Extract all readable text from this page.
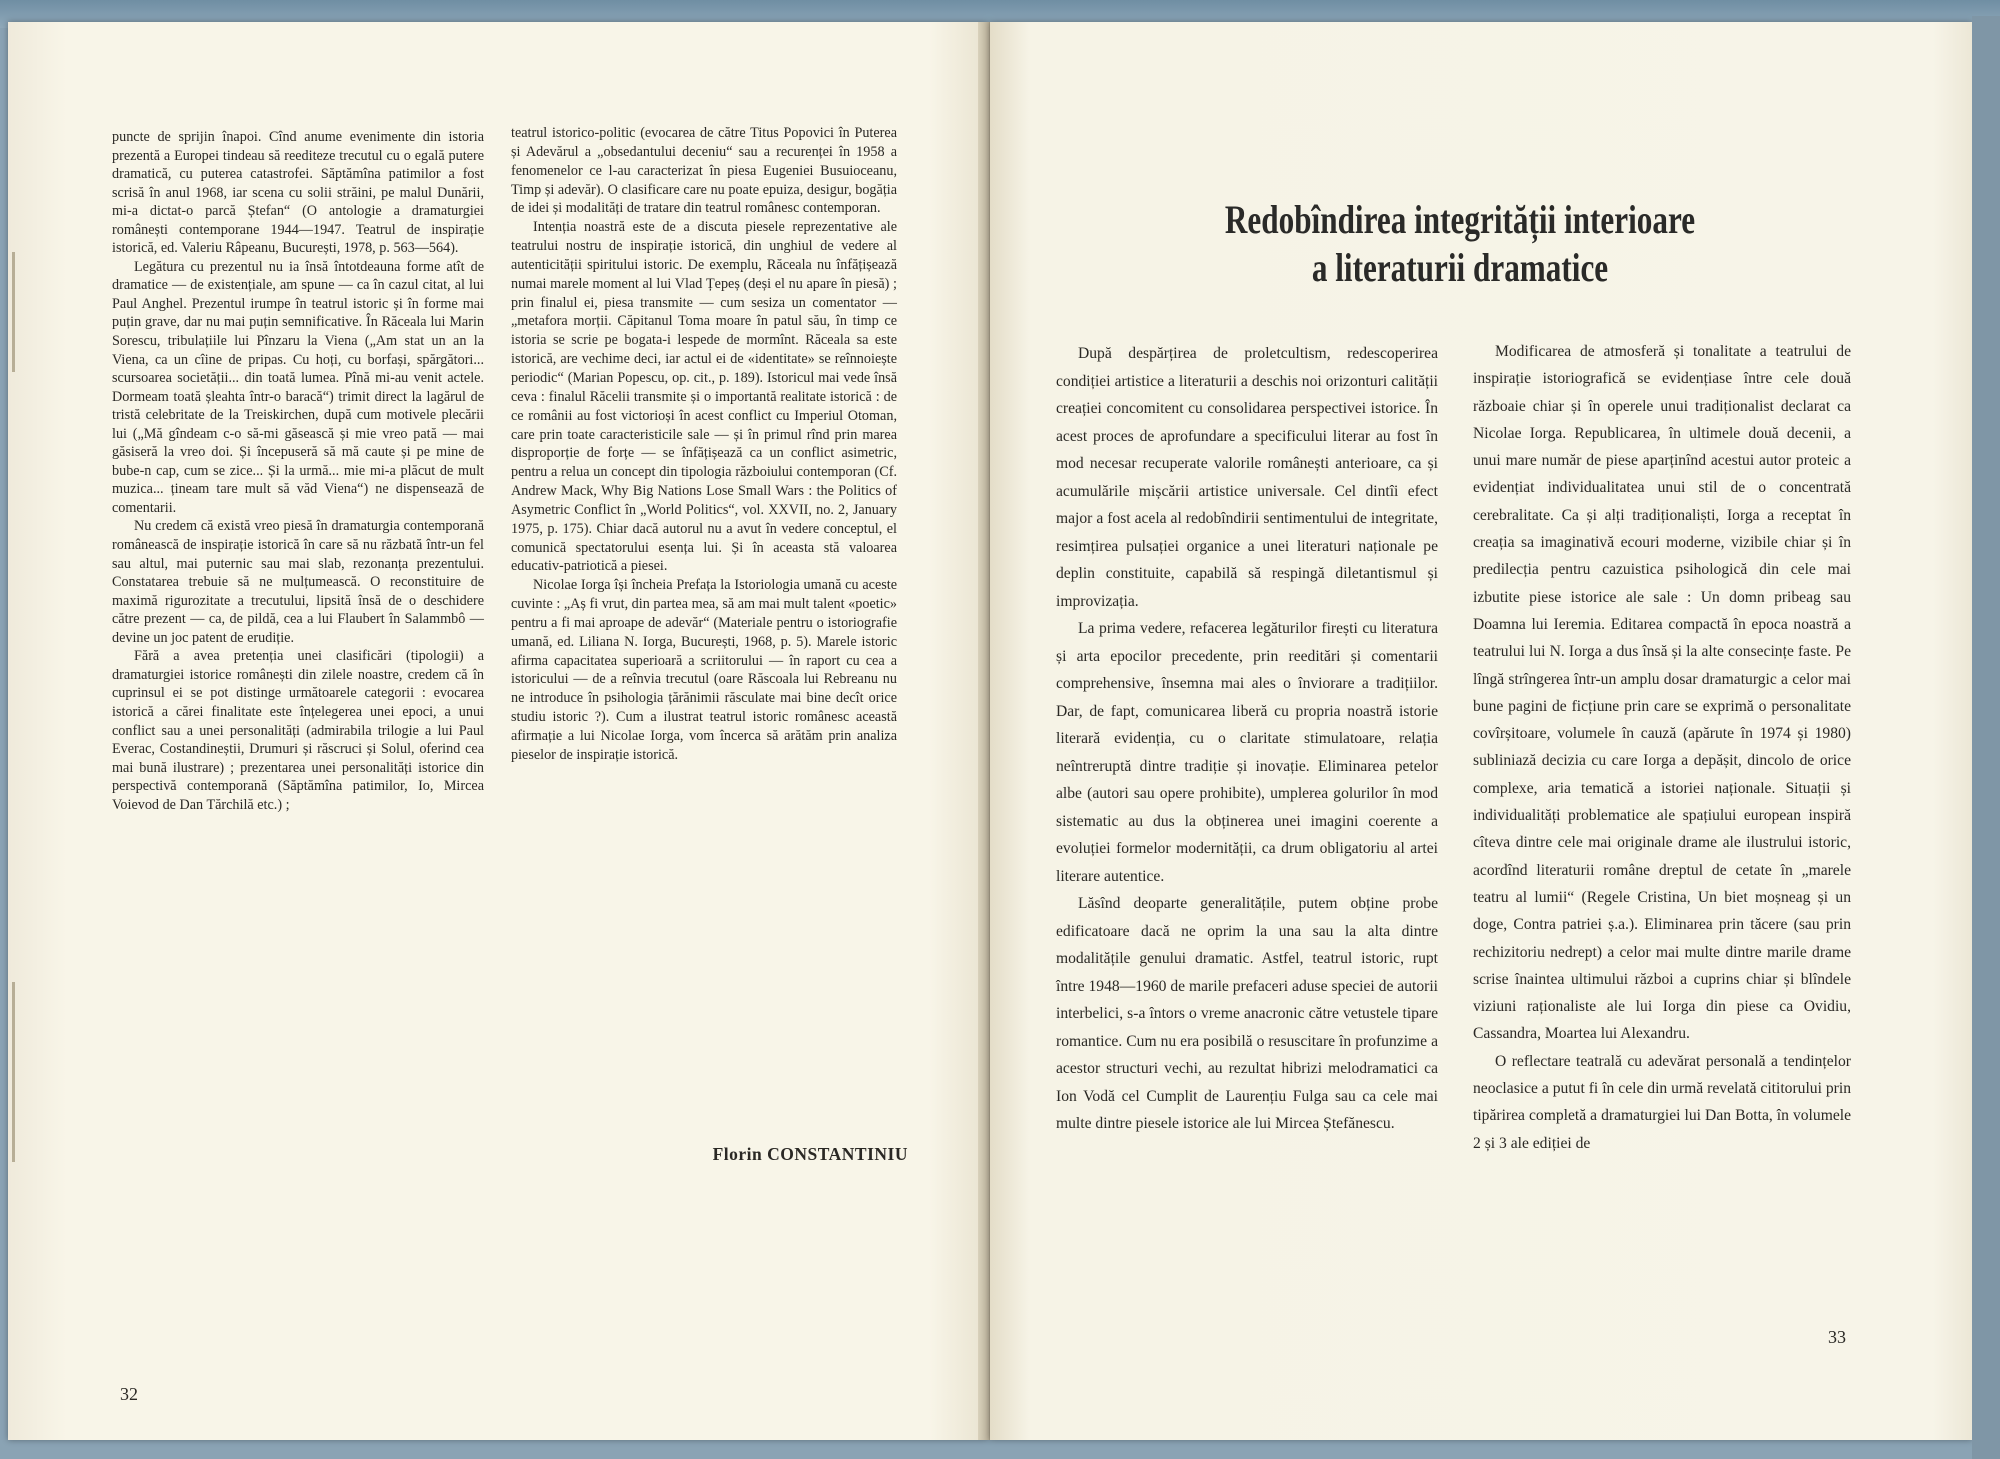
puncte de sprijin înapoi. Cînd anume evenimente din istoria prezentă a Europei tindeau să reediteze trecutul cu o egală putere dramatică, cu puterea catastrofei. Săptămîna patimilor a fost scrisă în anul 1968, iar scena cu solii străini, pe malul Dunării, mi-a dictat-o parcă Ștefan“ (O antologie a dramaturgiei românești contemporane 1944—1947. Teatrul de inspirație istorică, ed. Valeriu Râpeanu, București, 1978, p. 563—564).

Legătura cu prezentul nu ia însă întotdeauna forme atît de dramatice — de existențiale, am spune — ca în cazul citat, al lui Paul Anghel. Prezentul irumpe în teatrul istoric și în forme mai puțin grave, dar nu mai puțin semnificative. În Răceala lui Marin Sorescu, tribulațiile lui Pînzaru la Viena („Am stat un an la Viena, ca un cîine de pripas. Cu hoți, cu borfași, spărgători... scursoarea societății... din toată lumea. Pînă mi-au venit actele. Dormeam toată șleahta într-o baracă“) trimit direct la lagărul de tristă celebritate de la Treiskirchen, după cum motivele plecării lui („Mă gîndeam c-o să-mi găsească și mie vreo pată — mai găsiseră la vreo doi. Și începuseră să mă caute și pe mine de bube-n cap, cum se zice... Și la urmă... mie mi-a plăcut de mult muzica... țineam tare mult să văd Viena“) ne dispensează de comentarii.

Nu credem că există vreo piesă în dramaturgia contemporană românească de inspirație istorică în care să nu răzbată într-un fel sau altul, mai puternic sau mai slab, rezonanța prezentului. Constatarea trebuie să ne mulțumească. O reconstituire de maximă rigurozitate a trecutului, lipsită însă de o deschidere către prezent — ca, de pildă, cea a lui Flaubert în Salammbô — devine un joc patent de erudiție.

Fără a avea pretenția unei clasificări (tipologii) a dramaturgiei istorice românești din zilele noastre, credem că în cuprinsul ei se pot distinge următoarele categorii : evocarea istorică a cărei finalitate este înțelegerea unei epoci, a unui conflict sau a unei personalități (admirabila trilogie a lui Paul Everac, Costandineștii, Drumuri și răscruci și Solul, oferind cea mai bună ilustrare) ; prezentarea unei personalități istorice din perspectivă contemporană (Săptămîna patimilor, Io, Mircea Voievod de Dan Tărchilă etc.) ;

teatrul istorico-politic (evocarea de către Titus Popovici în Puterea și Adevărul a „obsedantului deceniu“ sau a recurenței în 1958 a fenomenelor ce l-au caracterizat în piesa Eugeniei Busuioceanu, Timp și adevăr). O clasificare care nu poate epuiza, desigur, bogăția de idei și modalități de tratare din teatrul românesc contemporan.

Intenția noastră este de a discuta piesele reprezentative ale teatrului nostru de inspirație istorică, din unghiul de vedere al autenticității spiritului istoric. De exemplu, Răceala nu înfățișează numai marele moment al lui Vlad Țepeș (deși el nu apare în piesă) ; prin finalul ei, piesa transmite — cum sesiza un comentator — „metafora morții. Căpitanul Toma moare în patul său, în timp ce istoria se scrie pe bogata-i lespede de mormînt. Răceala sa este istorică, are vechime deci, iar actul ei de «identitate» se reînnoiește periodic“ (Marian Popescu, op. cit., p. 189). Istoricul mai vede însă ceva : finalul Răcelii transmite și o importantă realitate istorică : de ce românii au fost victorioși în acest conflict cu Imperiul Otoman, care prin toate caracteristicile sale — și în primul rînd prin marea disproporție de forțe — se înfățișează ca un conflict asimetric, pentru a relua un concept din tipologia războiului contemporan (Cf. Andrew Mack, Why Big Nations Lose Small Wars : the Politics of Asymetric Conflict în „World Politics“, vol. XXVII, no. 2, January 1975, p. 175). Chiar dacă autorul nu a avut în vedere conceptul, el comunică spectatorului esența lui. Și în aceasta stă valoarea educativ-patriotică a piesei.

Nicolae Iorga își încheia Prefața la Istoriologia umană cu aceste cuvinte : „Aș fi vrut, din partea mea, să am mai mult talent «poetic» pentru a fi mai aproape de adevăr“ (Materiale pentru o istoriografie umană, ed. Liliana N. Iorga, București, 1968, p. 5). Marele istoric afirma capacitatea superioară a scriitorului — în raport cu cea a istoricului — de a reînvia trecutul (oare Răscoala lui Rebreanu nu ne introduce în psihologia țărănimii răsculate mai bine decît orice studiu istoric ?). Cum a ilustrat teatrul istoric românesc această afirmație a lui Nicolae Iorga, vom încerca să arătăm prin analiza pieselor de inspirație istorică.

Florin CONSTANTINIU
32
Redobîndirea integrității interioare
a literaturii dramatice

După despărțirea de proletcultism, redescoperirea condiției artistice a literaturii a deschis noi orizonturi calității creației concomitent cu consolidarea perspectivei istorice. În acest proces de aprofundare a specificului literar au fost în mod necesar recuperate valorile românești anterioare, ca și acumulările mișcării artistice universale. Cel dintîi efect major a fost acela al redobîndirii sentimentului de integritate, resimțirea pulsației organice a unei literaturi naționale pe deplin constituite, capabilă să respingă diletantismul și improvizația.

La prima vedere, refacerea legăturilor firești cu literatura și arta epocilor precedente, prin reeditări și comentarii comprehensive, însemna mai ales o înviorare a tradițiilor. Dar, de fapt, comunicarea liberă cu propria noastră istorie literară evidenția, cu o claritate stimulatoare, relația neîntreruptă dintre tradiție și inovație. Eliminarea petelor albe (autori sau opere prohibite), umplerea golurilor în mod sistematic au dus la obținerea unei imagini coerente a evoluției formelor modernității, ca drum obligatoriu al artei literare autentice.

Lăsînd deoparte generalitățile, putem obține probe edificatoare dacă ne oprim la una sau la alta dintre modalitățile genului dramatic. Astfel, teatrul istoric, rupt între 1948—1960 de marile prefaceri aduse speciei de autorii interbelici, s-a întors o vreme anacronic către vetustele tipare romantice. Cum nu era posibilă o resuscitare în profunzime a acestor structuri vechi, au rezultat hibrizi melodramatici ca Ion Vodă cel Cumplit de Laurențiu Fulga sau ca cele mai multe dintre piesele istorice ale lui Mircea Ștefănescu.

Modificarea de atmosferă și tonalitate a teatrului de inspirație istoriografică se evidențiase între cele două războaie chiar și în operele unui tradiționalist declarat ca Nicolae Iorga. Republicarea, în ultimele două decenii, a unui mare număr de piese aparținînd acestui autor proteic a evidențiat individualitatea unui stil de o concentrată cerebralitate. Ca și alți tradiționaliști, Iorga a receptat în creația sa imaginativă ecouri moderne, vizibile chiar și în predilecția pentru cazuistica psihologică din cele mai izbutite piese istorice ale sale : Un domn pribeag sau Doamna lui Ieremia. Editarea compactă în epoca noastră a teatrului lui N. Iorga a dus însă și la alte consecințe faste. Pe lîngă strîngerea într-un amplu dosar dramaturgic a celor mai bune pagini de ficțiune prin care se exprimă o personalitate covîrșitoare, volumele în cauză (apărute în 1974 și 1980) subliniază decizia cu care Iorga a depășit, dincolo de orice complexe, aria tematică a istoriei naționale. Situații și individualități problematice ale spațiului european inspiră cîteva dintre cele mai originale drame ale ilustrului istoric, acordînd literaturii române dreptul de cetate în „marele teatru al lumii“ (Regele Cristina, Un biet moșneag și un doge, Contra patriei ș.a.). Eliminarea prin tăcere (sau prin rechizitoriu nedrept) a celor mai multe dintre marile drame scrise înaintea ultimului război a cuprins chiar și blîndele viziuni raționaliste ale lui Iorga din piese ca Ovidiu, Cassandra, Moartea lui Alexandru.

O reflectare teatrală cu adevărat personală a tendințelor neoclasice a putut fi în cele din urmă revelată cititorului prin tipărirea completă a dramaturgiei lui Dan Botta, în volumele 2 și 3 ale ediției de

33
